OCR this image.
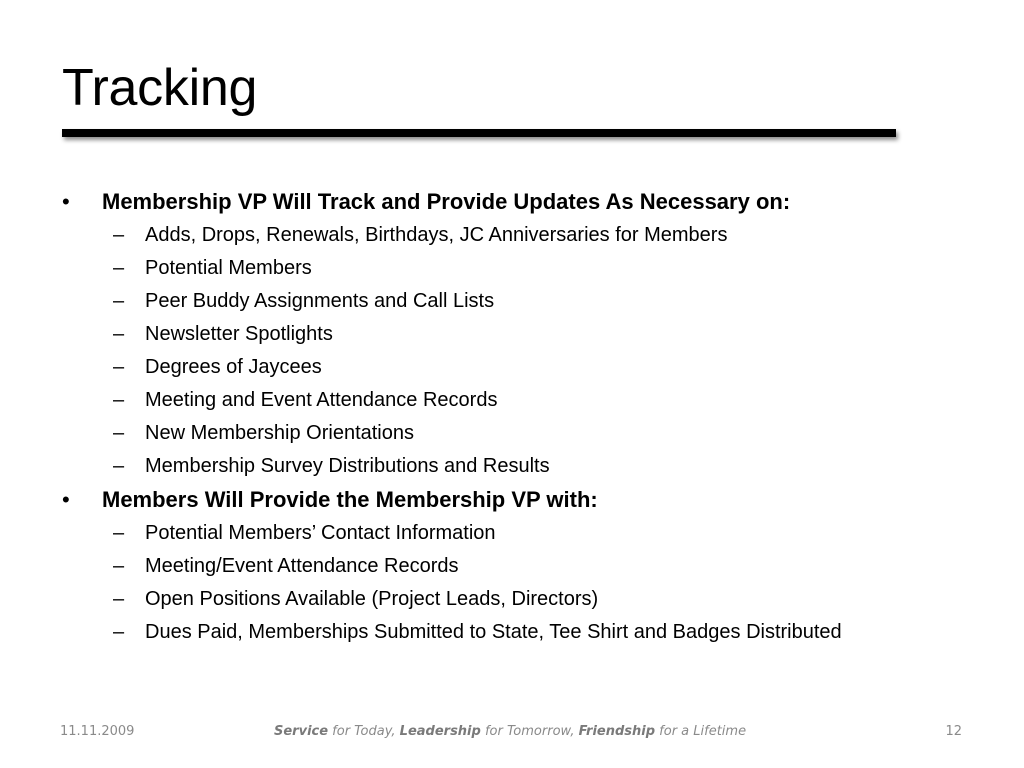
Tracking
•	Membership VP Will Track and Provide Updates As Necessary on:
–	Adds, Drops, Renewals, Birthdays, JC Anniversaries for Members
–	Potential Members
–	Peer Buddy Assignments and Call Lists
–	Newsletter Spotlights
–	Degrees of Jaycees
–	Meeting and Event Attendance Records
–	New Membership Orientations
–	Membership Survey Distributions and Results
•	Members Will Provide the Membership VP with:
–	Potential Members’ Contact Information
–	Meeting/Event Attendance Records
–	Open Positions Available (Project Leads, Directors)
–	Dues Paid, Memberships Submitted to State, Tee Shirt and Badges Distributed
11.11.2009	Service for Today, Leadership for Tomorrow, Friendship for a Lifetime	12
